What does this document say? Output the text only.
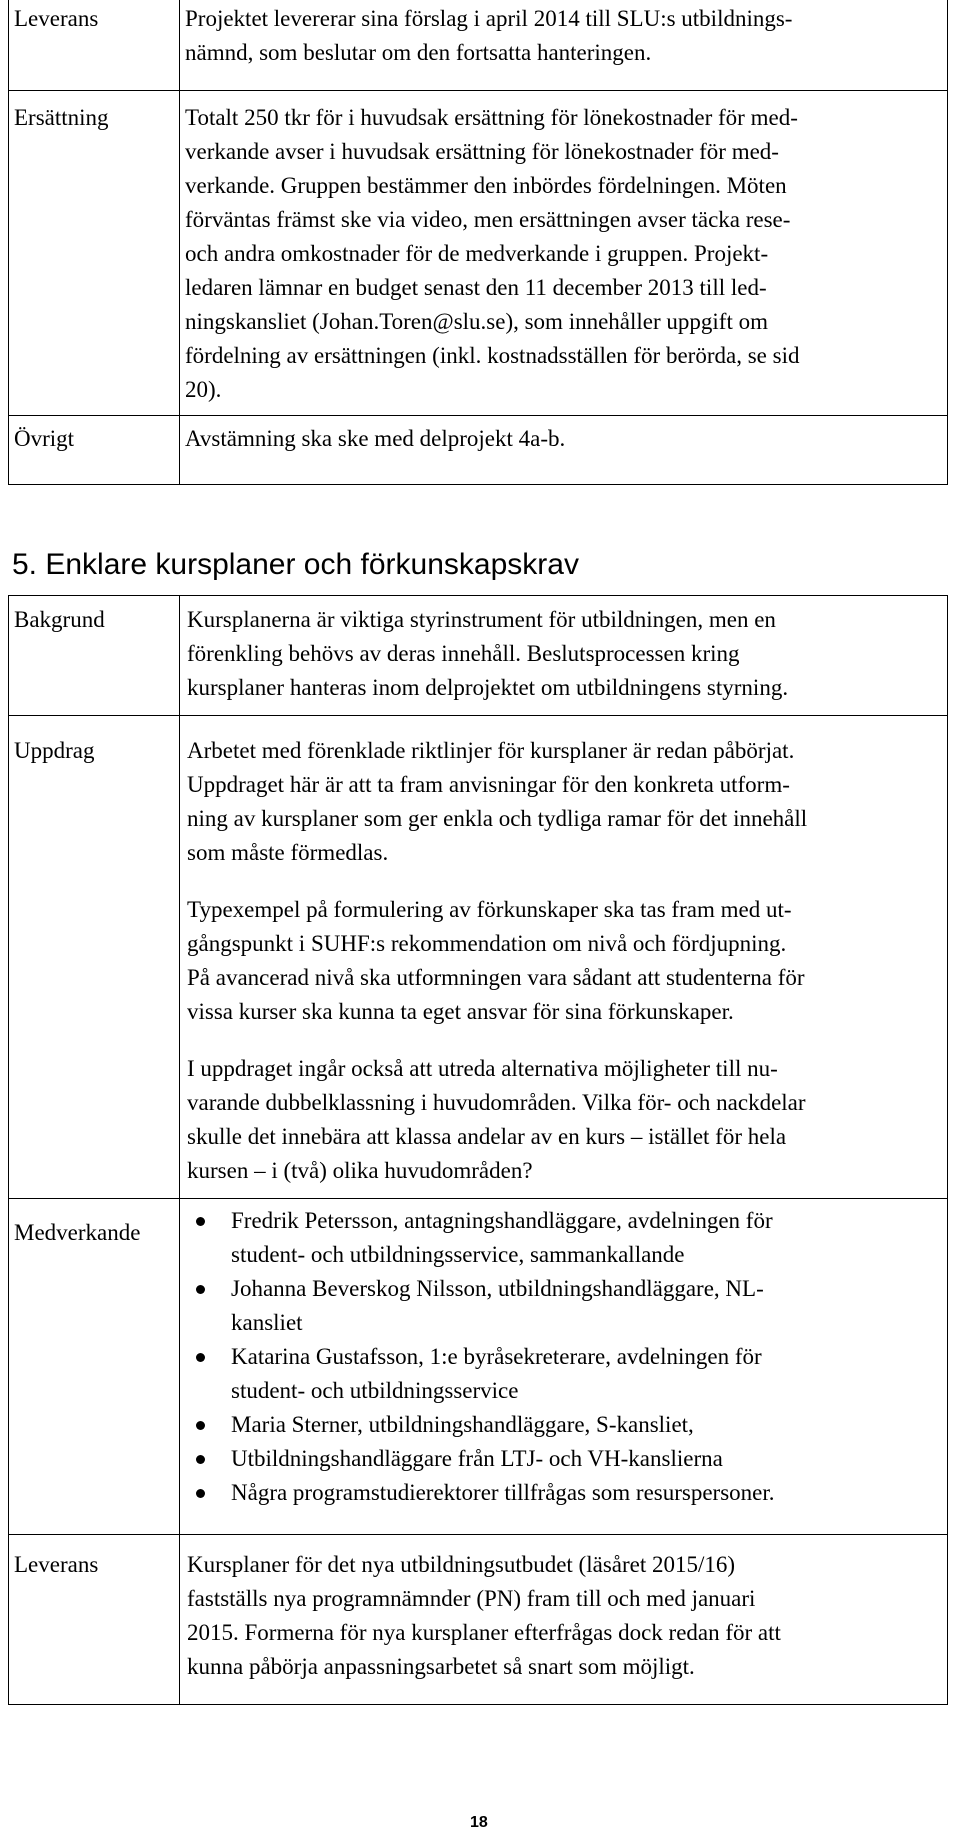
Leverans	Projektet levererar sina förslag i april 2014 till SLU:s utbildnings-
nämnd, som beslutar om den fortsatta hanteringen.
Ersättning	Totalt 250 tkr för i huvudsak ersättning för lönekostnader för med-
verkande avser i huvudsak ersättning för lönekostnader för med-
verkande. Gruppen bestämmer den inbördes fördelningen. Möten
förväntas främst ske via video, men ersättningen avser täcka rese-
och andra omkostnader för de medverkande i gruppen. Projekt-
ledaren lämnar en budget senast den 11 december 2013 till led-
ningskansliet (Johan.Toren@slu.se), som innehåller uppgift om
fördelning av ersättningen (inkl. kostnadsställen för berörda, se sid
20).
Övrigt	Avstämning ska ske med delprojekt 4a-b.
5. Enklare kursplaner och förkunskapskrav
Bakgrund	Kursplanerna är viktiga styrinstrument för utbildningen, men en
förenkling behövs av deras innehåll. Beslutsprocessen kring
kursplaner hanteras inom delprojektet om utbildningens styrning.
Uppdrag	Arbetet med förenklade riktlinjer för kursplaner är redan påbörjat.
Uppdraget här är att ta fram anvisningar för den konkreta utform-
ning av kursplaner som ger enkla och tydliga ramar för det innehåll
som måste förmedlas.
Typexempel på formulering av förkunskaper ska tas fram med ut-
gångspunkt i SUHF:s rekommendation om nivå och fördjupning.
På avancerad nivå ska utformningen vara sådant att studenterna för
vissa kurser ska kunna ta eget ansvar för sina förkunskaper.
I uppdraget ingår också att utreda alternativa möjligheter till nu-
varande dubbelklassning i huvudområden. Vilka för- och nackdelar
skulle det innebära att klassa andelar av en kurs – istället för hela
kursen – i (två) olika huvudområden?
Medverkande	Fredrik Petersson, antagningshandläggare, avdelningen för
student- och utbildningsservice, sammankallande
Johanna Beverskog Nilsson, utbildningshandläggare, NL-
kansliet
Katarina Gustafsson, 1:e byråsekreterare, avdelningen för
student- och utbildningsservice
Maria Sterner, utbildningshandläggare, S-kansliet,
Utbildningshandläggare från LTJ- och VH-kanslierna
Några programstudierektorer tillfrågas som resurspersoner.
Leverans	Kursplaner för det nya utbildningsutbudet (läsåret 2015/16)
fastställs nya programnämnder (PN) fram till och med januari
2015. Formerna för nya kursplaner efterfrågas dock redan för att
kunna påbörja anpassningsarbetet så snart som möjligt.
18
